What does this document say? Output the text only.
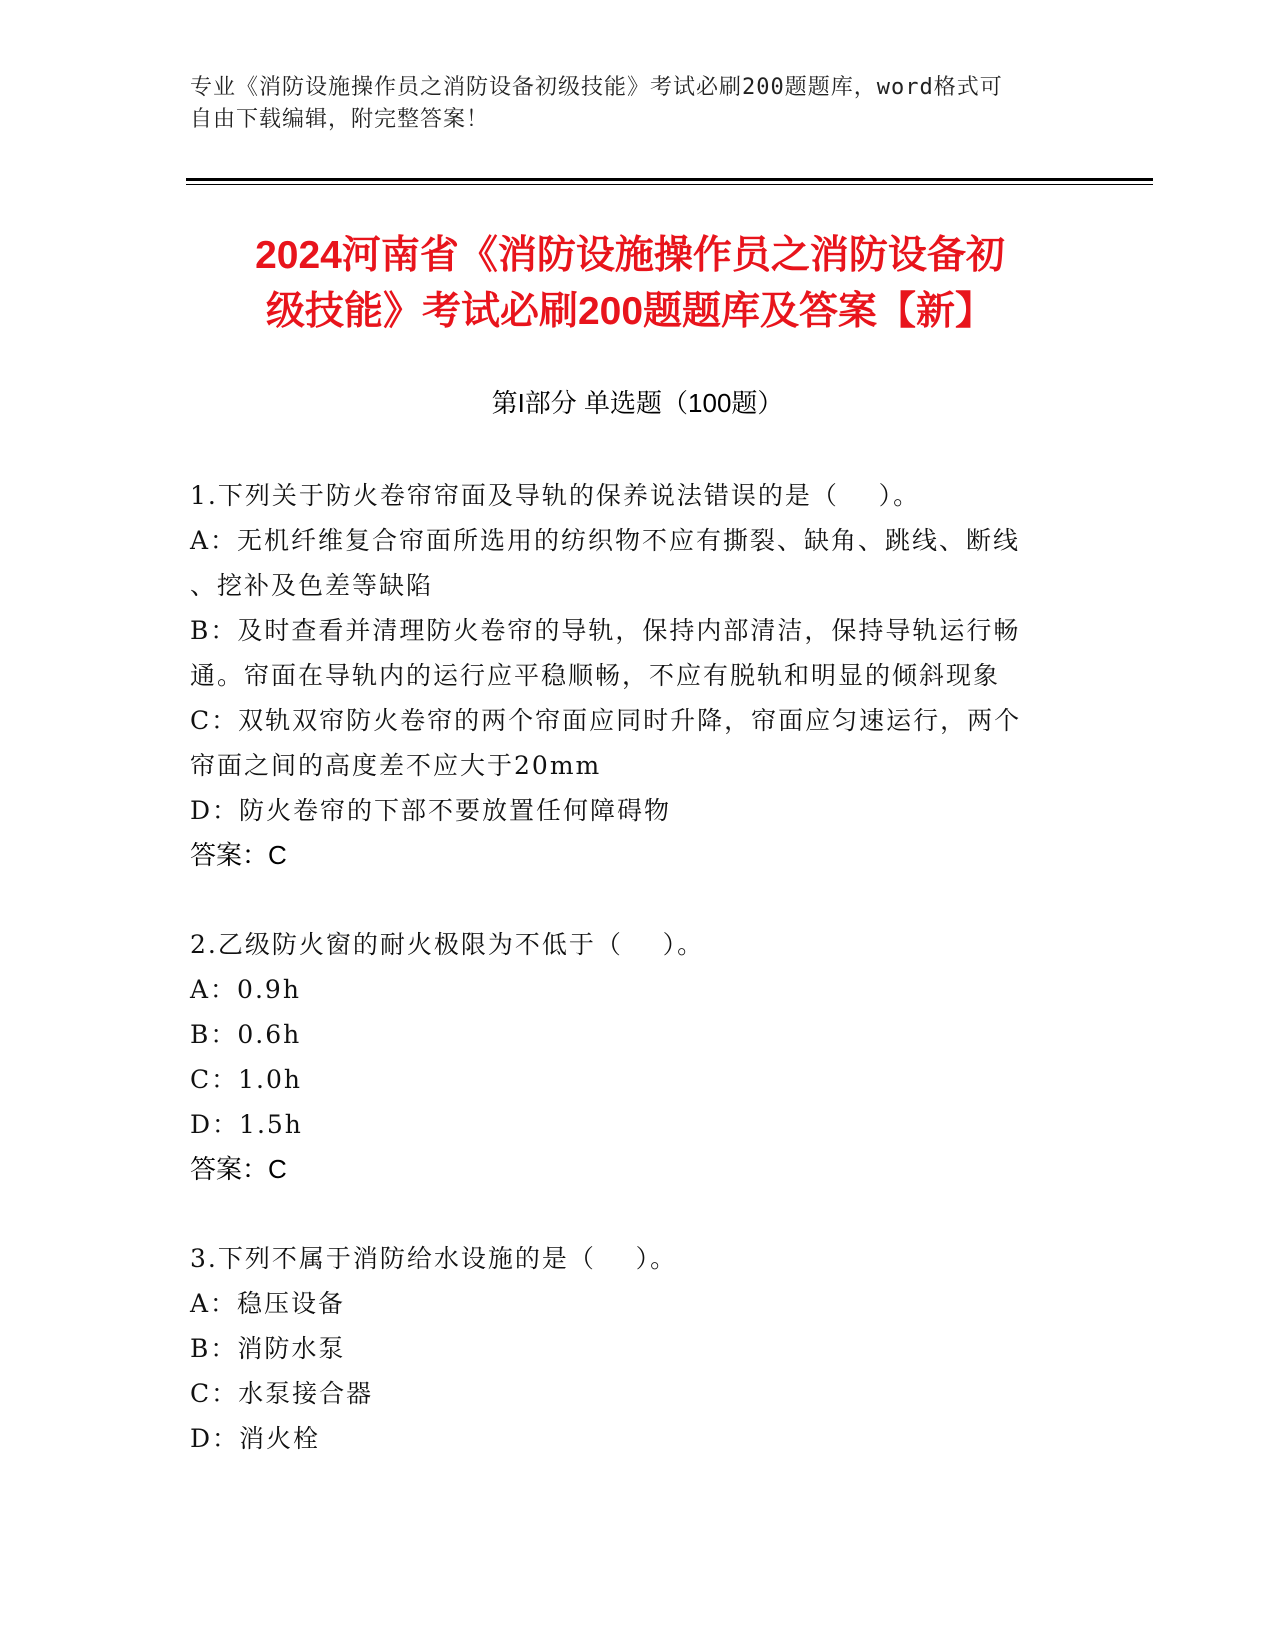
专业《消防设施操作员之消防设备初级技能》考试必刷200题题库，word格式可
自由下载编辑，附完整答案！
2024河南省《消防设施操作员之消防设备初
级技能》考试必刷200题题库及答案【新】
第I部分 单选题（100题）
1.下列关于防火卷帘帘面及导轨的保养说法错误的是（    ）。
A：无机纤维复合帘面所选用的纺织物不应有撕裂、缺角、跳线、断线
、挖补及色差等缺陷
B：及时查看并清理防火卷帘的导轨，保持内部清洁，保持导轨运行畅
通。帘面在导轨内的运行应平稳顺畅，不应有脱轨和明显的倾斜现象
C：双轨双帘防火卷帘的两个帘面应同时升降，帘面应匀速运行，两个
帘面之间的高度差不应大于20mm
D：防火卷帘的下部不要放置任何障碍物
答案：C
2.乙级防火窗的耐火极限为不低于（    ）。
A：0.9h
B：0.6h
C：1.0h
D：1.5h
答案：C
3.下列不属于消防给水设施的是（    ）。
A：稳压设备
B：消防水泵
C：水泵接合器
D：消火栓
